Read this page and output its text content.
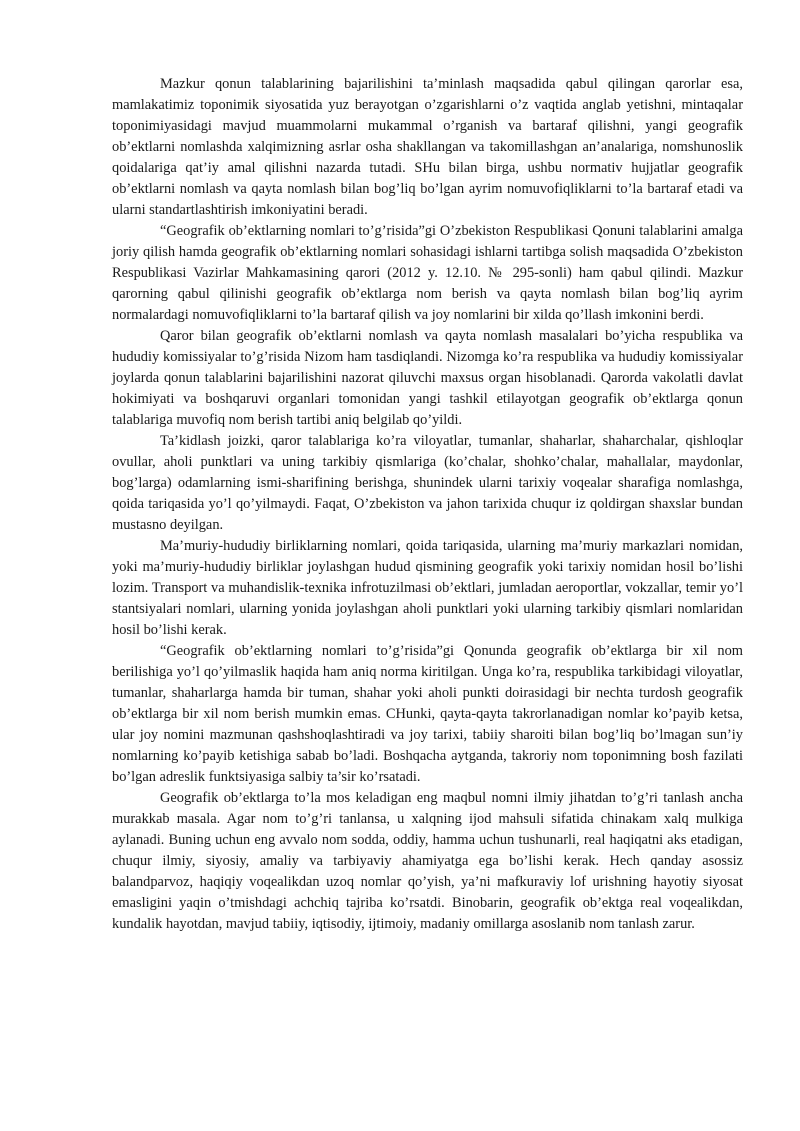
Mazkur qonun talablarining bajarilishini ta’minlash maqsadida qabul qilingan qarorlar esa, mamlakatimiz toponimik siyosatida yuz berayotgan o’zgarishlarni o’z vaqtida anglab yetishni, mintaqalar toponimiyasidagi mavjud muammolarni mukammal o’rganish va bartaraf qilishni, yangi geografik ob’ektlarni nomlashda xalqimizning asrlar osha shakllangan va takomillashgan an’analariga, nomshunoslik qoidalariga qat’iy amal qilishni nazarda tutadi. SHu bilan birga, ushbu normativ hujjatlar geografik ob’ektlarni nomlash va qayta nomlash bilan bog’liq bo’lgan ayrim nomuvofiqliklarni to’la bartaraf etadi va ularni standartlashtirish imkoniyatini beradi.

“Geografik ob’ektlarning nomlari to’g’risida”gi O’zbekiston Respublikasi Qonuni talablarini amalga joriy qilish hamda geografik ob’ektlarning nomlari sohasidagi ishlarni tartibga solish maqsadida O’zbekiston Respublikasi Vazirlar Mahkamasining qarori (2012 y. 12.10. № 295-sonli) ham qabul qilindi. Mazkur qarorning qabul qilinishi geografik ob’ektlarga nom berish va qayta nomlash bilan bog’liq ayrim normalardagi nomuvofiqliklarni to’la bartaraf qilish va joy nomlarini bir xilda qo’llash imkonini berdi.

Qaror bilan geografik ob’ektlarni nomlash va qayta nomlash masalalari bo’yicha respublika va hududiy komissiyalar to’g’risida Nizom ham tasdiqlandi. Nizomga ko’ra respublika va hududiy komissiyalar joylarda qonun talablarini bajarilishini nazorat qiluvchi maxsus organ hisoblanadi. Qarorda vakolatli davlat hokimiyati va boshqaruvi organlari tomonidan yangi tashkil etilayotgan geografik ob’ektlarga qonun talablariga muvofiq nom berish tartibi aniq belgilab qo’yildi.

Ta’kidlash joizki, qaror talablariga ko’ra viloyatlar, tumanlar, shaharlar, shaharchalar, qishloqlar ovullar, aholi punktlari va uning tarkibiy qismlariga (ko’chalar, shohko’chalar, mahallalar, maydonlar, bog’larga) odamlarning ismi-sharifining berishga, shunindek ularni tarixiy voqealar sharafiga nomlashga, qoida tariqasida yo’l qo’yilmaydi. Faqat, O’zbekiston va jahon tarixida chuqur iz qoldirgan shaxslar bundan mustasno deyilgan.

Ma’muriy-hududiy birliklarning nomlari, qoida tariqasida, ularning ma’muriy markazlari nomidan, yoki ma’muriy-hududiy birliklar joylashgan hudud qismining geografik yoki tarixiy nomidan hosil bo’lishi lozim. Transport va muhandislik-texnika infrotuzilmasi ob’ektlari, jumladan aeroportlar, vokzallar, temir yo’l stantsiyalari nomlari, ularning yonida joylashgan aholi punktlari yoki ularning tarkibiy qismlari nomlaridan hosil bo’lishi kerak.

“Geografik ob’ektlarning nomlari to’g’risida”gi Qonunda geografik ob’ektlarga bir xil nom berilishiga yo’l qo’yilmaslik haqida ham aniq norma kiritilgan. Unga ko’ra, respublika tarkibidagi viloyatlar, tumanlar, shaharlarga hamda bir tuman, shahar yoki aholi punkti doirasidagi bir nechta turdosh geografik ob’ektlarga bir xil nom berish mumkin emas. CHunki, qayta-qayta takrorlanadigan nomlar ko’payib ketsa, ular joy nomini mazmunan qashshoqlashtiradi va joy tarixi, tabiiy sharoiti bilan bog’liq bo’lmagan sun’iy nomlarning ko’payib ketishiga sabab bo’ladi. Boshqacha aytganda, takroriy nom toponimning bosh fazilati bo’lgan adreslik funktsiyasiga salbiy ta’sir ko’rsatadi.

Geografik ob’ektlarga to’la mos keladigan eng maqbul nomni ilmiy jihatdan to’g’ri tanlash ancha murakkab masala. Agar nom to’g’ri tanlansa, u xalqning ijod mahsuli sifatida chinakam xalq mulkiga aylanadi. Buning uchun eng avvalo nom sodda, oddiy, hamma uchun tushunarli, real haqiqatni aks etadigan, chuqur ilmiy, siyosiy, amaliy va tarbiyaviy ahamiyatga ega bo’lishi kerak. Hech qanday asossiz balandparvoz, haqiqiy voqealikdan uzoq nomlar qo’yish, ya’ni mafkuraviy lof urishning hayotiy siyosat emasligini yaqin o’tmishdagi achchiq tajriba ko’rsatdi. Binobarin, geografik ob’ektga real voqealikdan, kundalik hayotdan, mavjud tabiiy, iqtisodiy, ijtimoiy, madaniy omillarga asoslanib nom tanlash zarur.
